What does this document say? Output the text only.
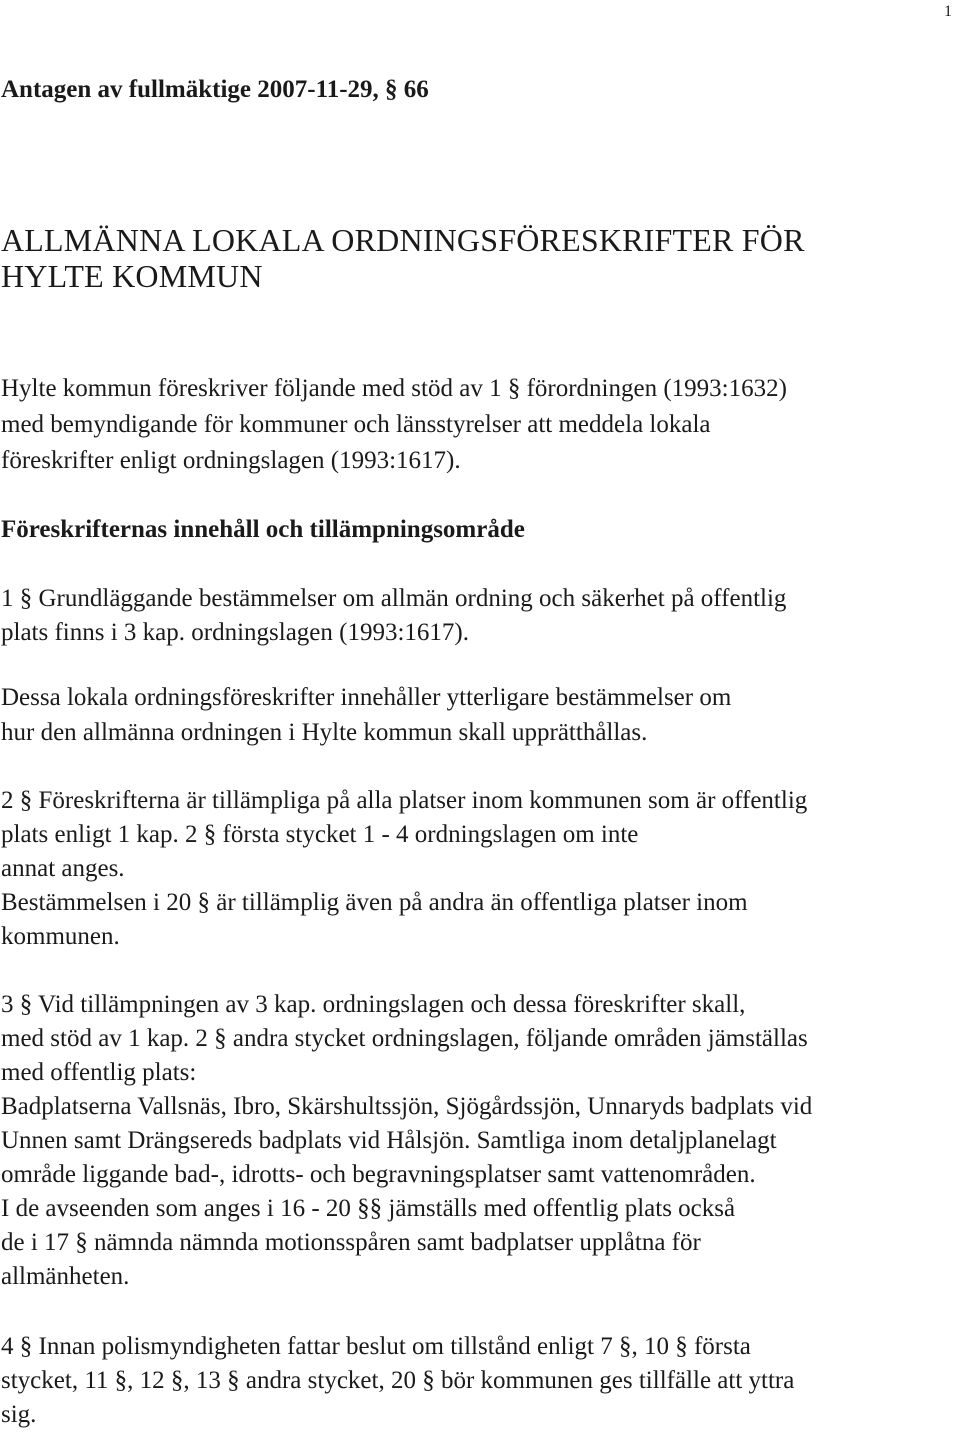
1
Antagen av fullmäktige 2007-11-29, § 66
ALLMÄNNA LOKALA ORDNINGSFÖRESKRIFTER FÖR
HYLTE KOMMUN
Hylte kommun föreskriver följande med stöd av 1 § förordningen (1993:1632)
med bemyndigande för kommuner och länsstyrelser att meddela lokala
föreskrifter enligt ordningslagen (1993:1617).
Föreskrifternas innehåll och tillämpningsområde
1 § Grundläggande bestämmelser om allmän ordning och säkerhet på offentlig
plats finns i 3 kap. ordningslagen (1993:1617).
Dessa lokala ordningsföreskrifter innehåller ytterligare bestämmelser om
hur den allmänna ordningen i Hylte kommun skall upprätthållas.
2 § Föreskrifterna är tillämpliga på alla platser inom kommunen som är offentlig
plats enligt 1 kap. 2 § första stycket 1 - 4 ordningslagen om inte
annat anges.
Bestämmelsen i 20 § är tillämplig även på andra än offentliga platser inom
kommunen.
3 § Vid tillämpningen av 3 kap. ordningslagen och dessa föreskrifter skall,
med stöd av 1 kap. 2 § andra stycket ordningslagen, följande områden jämställas
med offentlig plats:
Badplatserna Vallsnäs, Ibro, Skärshultssjön, Sjögårdssjön, Unnaryds badplats vid
Unnen samt Drängsereds badplats vid Hålsjön. Samtliga inom detaljplanelagt
område liggande bad-, idrotts- och begravningsplatser samt vattenområden.
I de avseenden som anges i 16 - 20 §§ jämställs med offentlig plats också
de i 17 § nämnda nämnda motionsspåren samt badplatser upplåtna för
allmänheten.
4 § Innan polismyndigheten fattar beslut om tillstånd enligt 7 §, 10 § första
stycket, 11 §, 12 §, 13 § andra stycket, 20 § bör kommunen ges tillfälle att yttra
sig.
